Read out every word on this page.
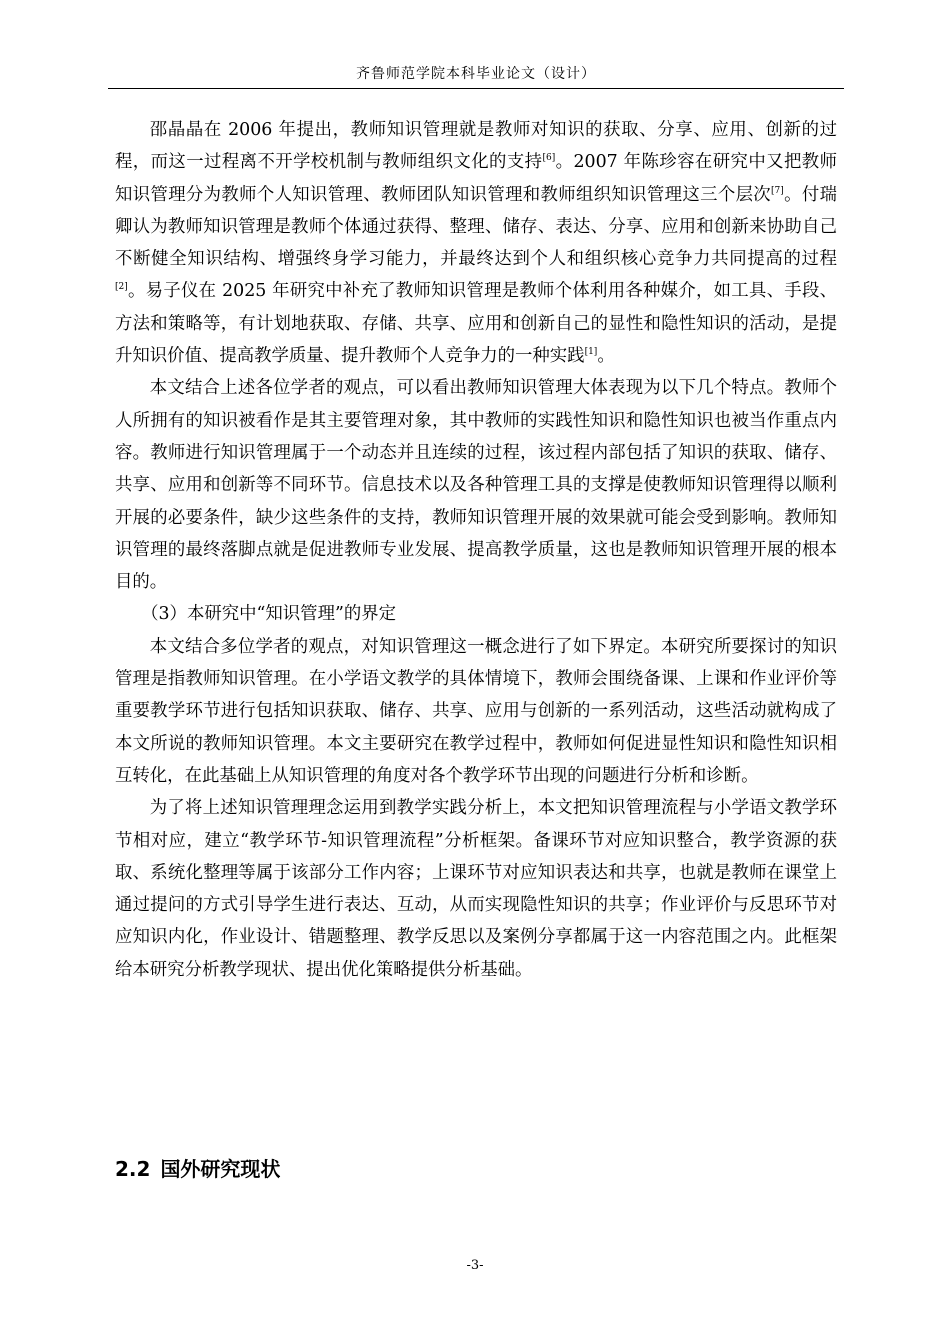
齐鲁师范学院本科毕业论文（设计）

邵晶晶在 2006 年提出，教师知识管理就是教师对知识的获取、分享、应用、创新的过程，而这一过程离不开学校机制与教师组织文化的支持[6]。2007 年陈珍容在研究中又把教师知识管理分为教师个人知识管理、教师团队知识管理和教师组织知识管理这三个层次[7]。付瑞卿认为教师知识管理是教师个体通过获得、整理、储存、表达、分享、应用和创新来协助自己不断健全知识结构、增强终身学习能力，并最终达到个人和组织核心竞争力共同提高的过程[2]。易子仪在 2025 年研究中补充了教师知识管理是教师个体利用各种媒介，如工具、手段、方法和策略等，有计划地获取、存储、共享、应用和创新自己的显性和隐性知识的活动，是提升知识价值、提高教学质量、提升教师个人竞争力的一种实践[1]。

本文结合上述各位学者的观点，可以看出教师知识管理大体表现为以下几个特点。教师个人所拥有的知识被看作是其主要管理对象，其中教师的实践性知识和隐性知识也被当作重点内容。教师进行知识管理属于一个动态并且连续的过程，该过程内部包括了知识的获取、储存、共享、应用和创新等不同环节。信息技术以及各种管理工具的支撑是使教师知识管理得以顺利开展的必要条件，缺少这些条件的支持，教师知识管理开展的效果就可能会受到影响。教师知识管理的最终落脚点就是促进教师专业发展、提高教学质量，这也是教师知识管理开展的根本目的。

（3）本研究中“知识管理”的界定

本文结合多位学者的观点，对知识管理这一概念进行了如下界定。本研究所要探讨的知识管理是指教师知识管理。在小学语文教学的具体情境下，教师会围绕备课、上课和作业评价等重要教学环节进行包括知识获取、储存、共享、应用与创新的一系列活动，这些活动就构成了本文所说的教师知识管理。本文主要研究在教学过程中，教师如何促进显性知识和隐性知识相互转化，在此基础上从知识管理的角度对各个教学环节出现的问题进行分析和诊断。

为了将上述知识管理理念运用到教学实践分析上，本文把知识管理流程与小学语文教学环节相对应，建立“教学环节-知识管理流程”分析框架。备课环节对应知识整合，教学资源的获取、系统化整理等属于该部分工作内容；上课环节对应知识表达和共享，也就是教师在课堂上通过提问的方式引导学生进行表达、互动，从而实现隐性知识的共享；作业评价与反思环节对应知识内化，作业设计、错题整理、教学反思以及案例分享都属于这一内容范围之内。此框架给本研究分析教学现状、提出优化策略提供分析基础。

2.2 国外研究现状
-3-
